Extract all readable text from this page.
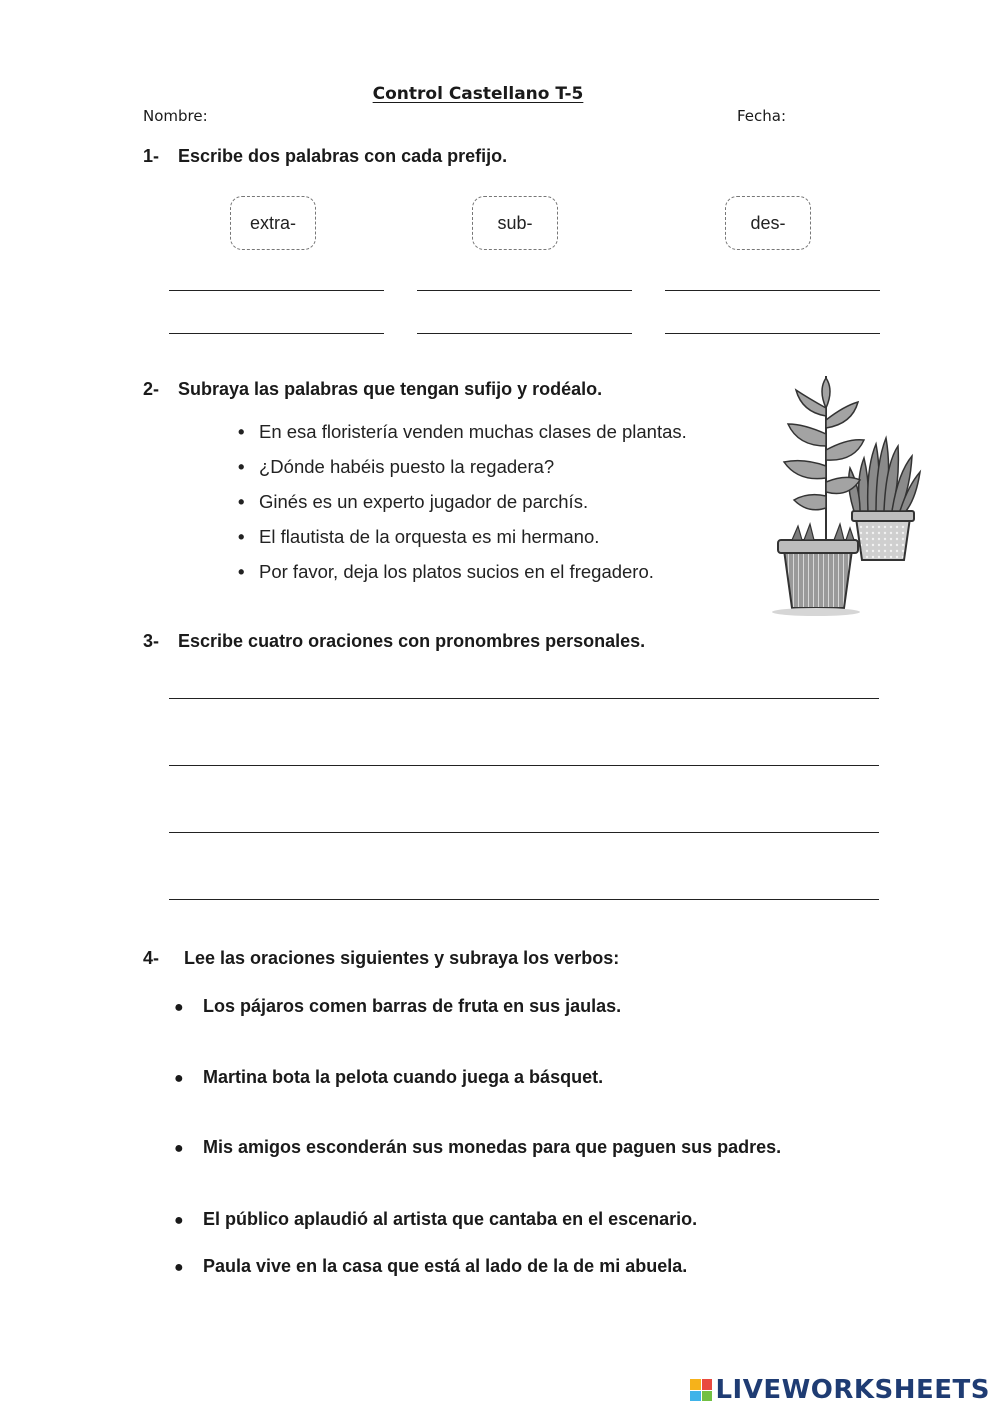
Control Castellano T-5
Nombre:	Fecha:
1- Escribe dos palabras con cada prefijo.
extra-	sub-	des-
2- Subraya las palabras que tengan sufijo y rodéalo.
• En esa floristería venden muchas clases de plantas.
• ¿Dónde habéis puesto la regadera?
• Ginés es un experto jugador de parchís.
• El flautista de la orquesta es mi hermano.
• Por favor, deja los platos sucios en el fregadero.
3- Escribe cuatro oraciones con pronombres personales.
4- Lee las oraciones siguientes y subraya los verbos:
● Los pájaros comen barras de fruta en sus jaulas.
● Martina bota la pelota cuando juega a básquet.
● Mis amigos esconderán sus monedas para que paguen sus padres.
● El público aplaudió al artista que cantaba en el escenario.
● Paula vive en la casa que está al lado de la de mi abuela.
LIVEWORKSHEETS
